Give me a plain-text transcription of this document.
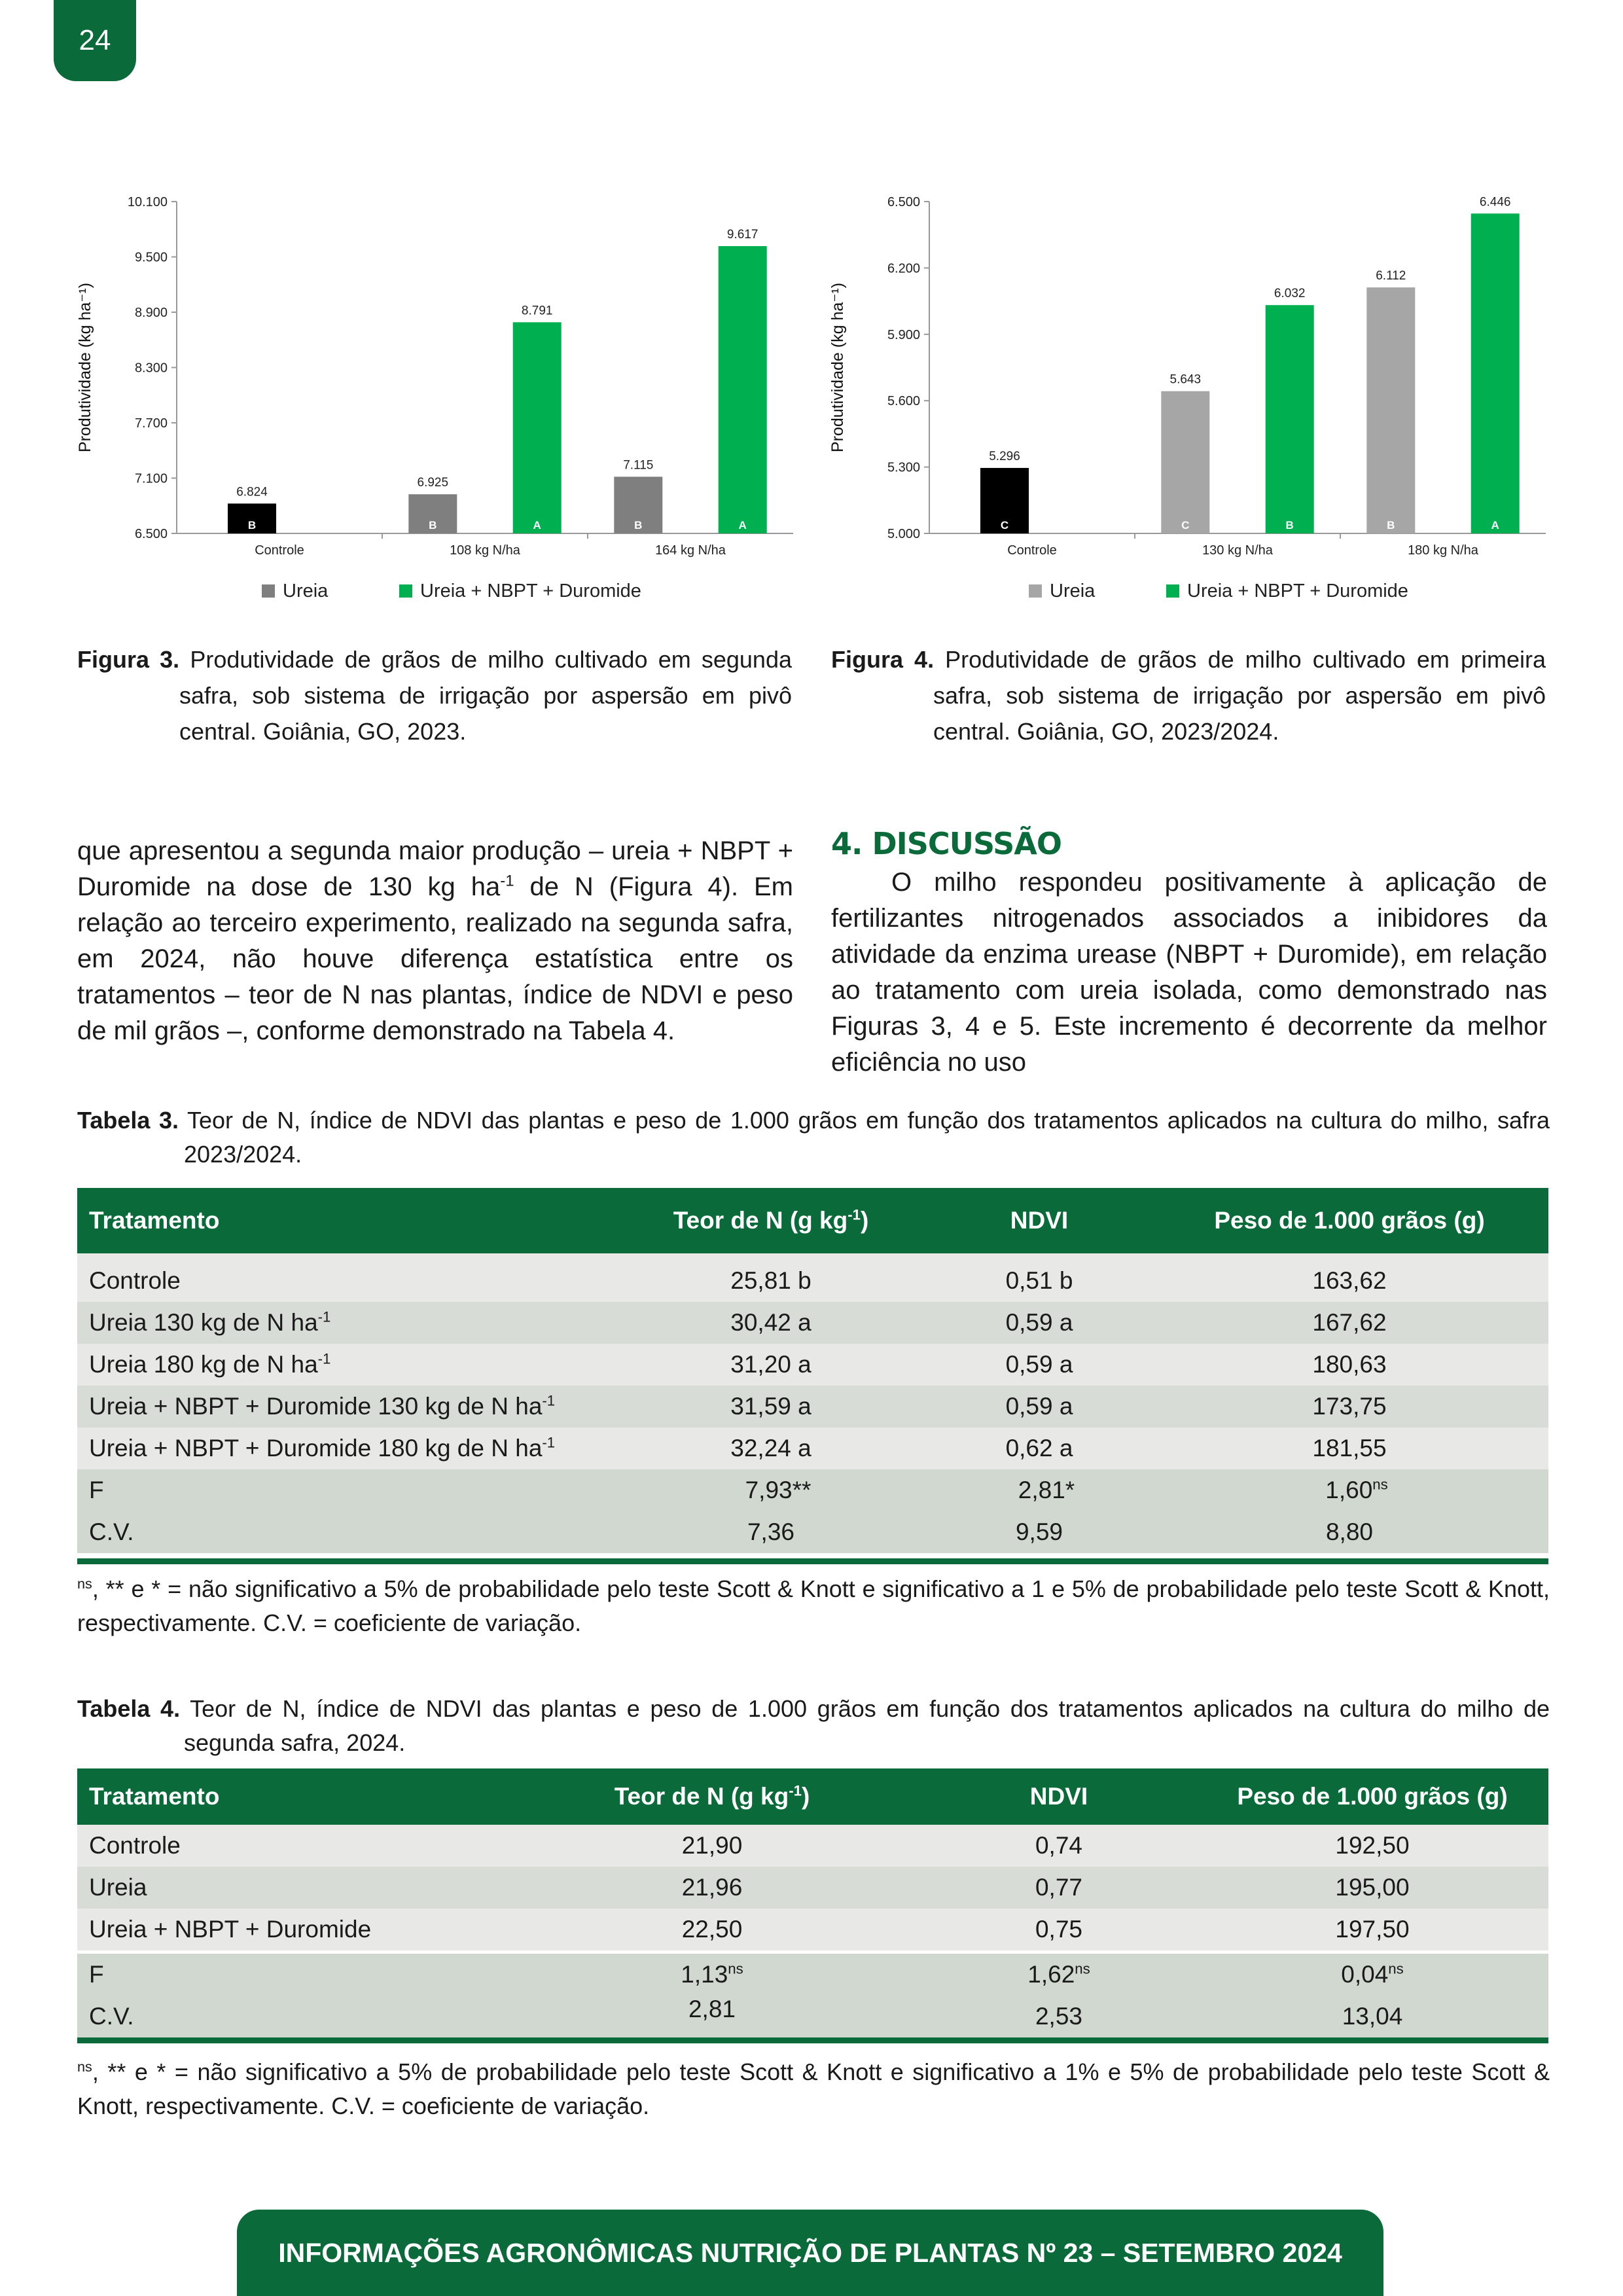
24
6.500
7.100
7.700
8.300
8.900
9.500
10.100
Produtividade (kg ha⁻¹)
Controle
6.824
B
108 kg N/ha
6.925
B
8.791
A
164 kg N/ha
7.115
B
9.617
A
Ureia	Ureia + NBPT + Duromide
5.000
5.300
5.600
5.900
6.200
6.500
Produtividade (kg ha⁻¹)
Controle
5.296
C
130 kg N/ha
5.643
C
6.032
B
180 kg N/ha
6.112
B
6.446
A
Ureia	Ureia + NBPT + Duromide
Figura 3. Produtividade de grãos de milho cultivado em segunda safra, sob sistema de irrigação por aspersão em pivô central. Goiânia, GO, 2023.
Figura 4. Produtividade de grãos de milho cultivado em primeira safra, sob sistema de irrigação por aspersão em pivô central. Goiânia, GO, 2023/2024.

que apresentou a segunda maior produção – ureia + NBPT + Duromide na dose de 130 kg $ha^{-1}$ de N (Figura 4). Em relação ao terceiro experimento, realizado na segunda safra, em 2024, não houve diferença estatística entre os tratamentos – teor de N nas plantas, índice de NDVI e peso de mil grãos –, conforme demonstrado na Tabela 4.

4. DISCUSSÃO

O milho respondeu positivamente à aplicação de fertilizantes nitrogenados associados a inibidores da atividade da enzima urease (NBPT + Duromide), em relação ao tratamento com ureia isolada, como demonstrado nas Figuras 3, 4 e 5. Este incremento é decorrente da melhor eficiência no uso

Tabela 3. Teor de N, índice de NDVI das plantas e peso de 1.000 grãos em função dos tratamentos aplicados na cultura do milho, safra 2023/2024.
Tratamento	Teor de N (g $kg^{-1}$)	NDVI	Peso de 1.000 grãos (g)
Controle	25,81 b	0,51 b	163,62
Ureia 130 kg de N $ha^{-1}$	30,42 a	0,59 a	167,62
Ureia 180 kg de N $ha^{-1}$	31,20 a	0,59 a	180,63
Ureia + NBPT + Duromide 130 kg de N $ha^{-1}$	31,59 a	0,59 a	173,75
Ureia + NBPT + Duromide 180 kg de N $ha^{-1}$	32,24 a	0,62 a	181,55
F	7,93**	2,81*	$1,60^{ns}$
C.V.	7,36	9,59	8,80
$^{ns}$, ** e * = não significativo a 5% de probabilidade pelo teste Scott & Knott e significativo a 1 e 5% de probabilidade pelo teste Scott & Knott, respectivamente. C.V. = coeficiente de variação.
Tabela 4. Teor de N, índice de NDVI das plantas e peso de 1.000 grãos em função dos tratamentos aplicados na cultura do milho de segunda safra, 2024.
Tratamento	Teor de N (g $kg^{-1}$)	NDVI	Peso de 1.000 grãos (g)
Controle	21,90	0,74	192,50
Ureia	21,96	0,77	195,00
Ureia + NBPT + Duromide	22,50	0,75	197,50
F	$1,13^{ns}$	$1,62^{ns}$	$0,04^{ns}$
C.V.	2,81	2,53	13,04
$^{ns}$, ** e * = não significativo a 5% de probabilidade pelo teste Scott & Knott e significativo a 1% e 5% de probabilidade pelo teste Scott & Knott, respectivamente. C.V. = coeficiente de variação.
INFORMAÇÕES AGRONÔMICAS NUTRIÇÃO DE PLANTAS Nº 23 – SETEMBRO 2024
